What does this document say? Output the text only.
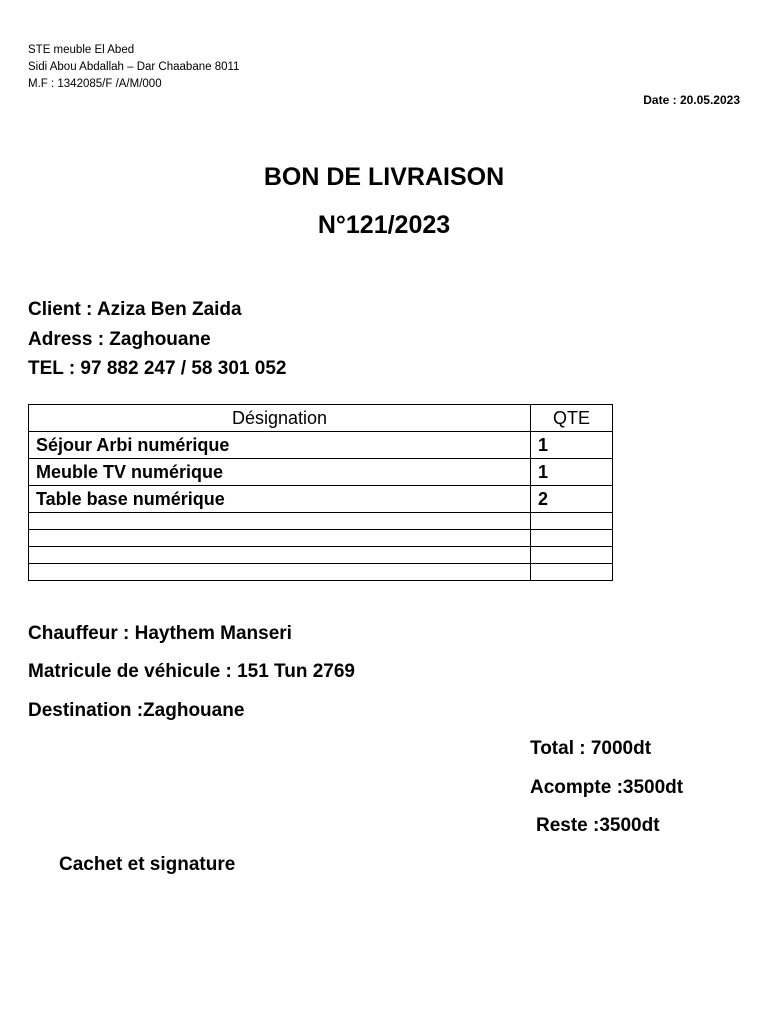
STE meuble El Abed
Sidi Abou Abdallah – Dar Chaabane 8011
M.F : 1342085/F /A/M/000
Date : 20.05.2023
BON DE LIVRAISON
N°121/2023
Client : Aziza Ben Zaida
Adress : Zaghouane
TEL : 97 882 247 / 58 301 052
Désignation	QTE
Séjour Arbi numérique	1
Meuble TV numérique	1
Table base numérique	2

Chauffeur : Haythem Manseri
Matricule de véhicule : 151 Tun 2769
Destination :Zaghouane
Total : 7000dt
Acompte :3500dt
Reste :3500dt
Cachet et signature
